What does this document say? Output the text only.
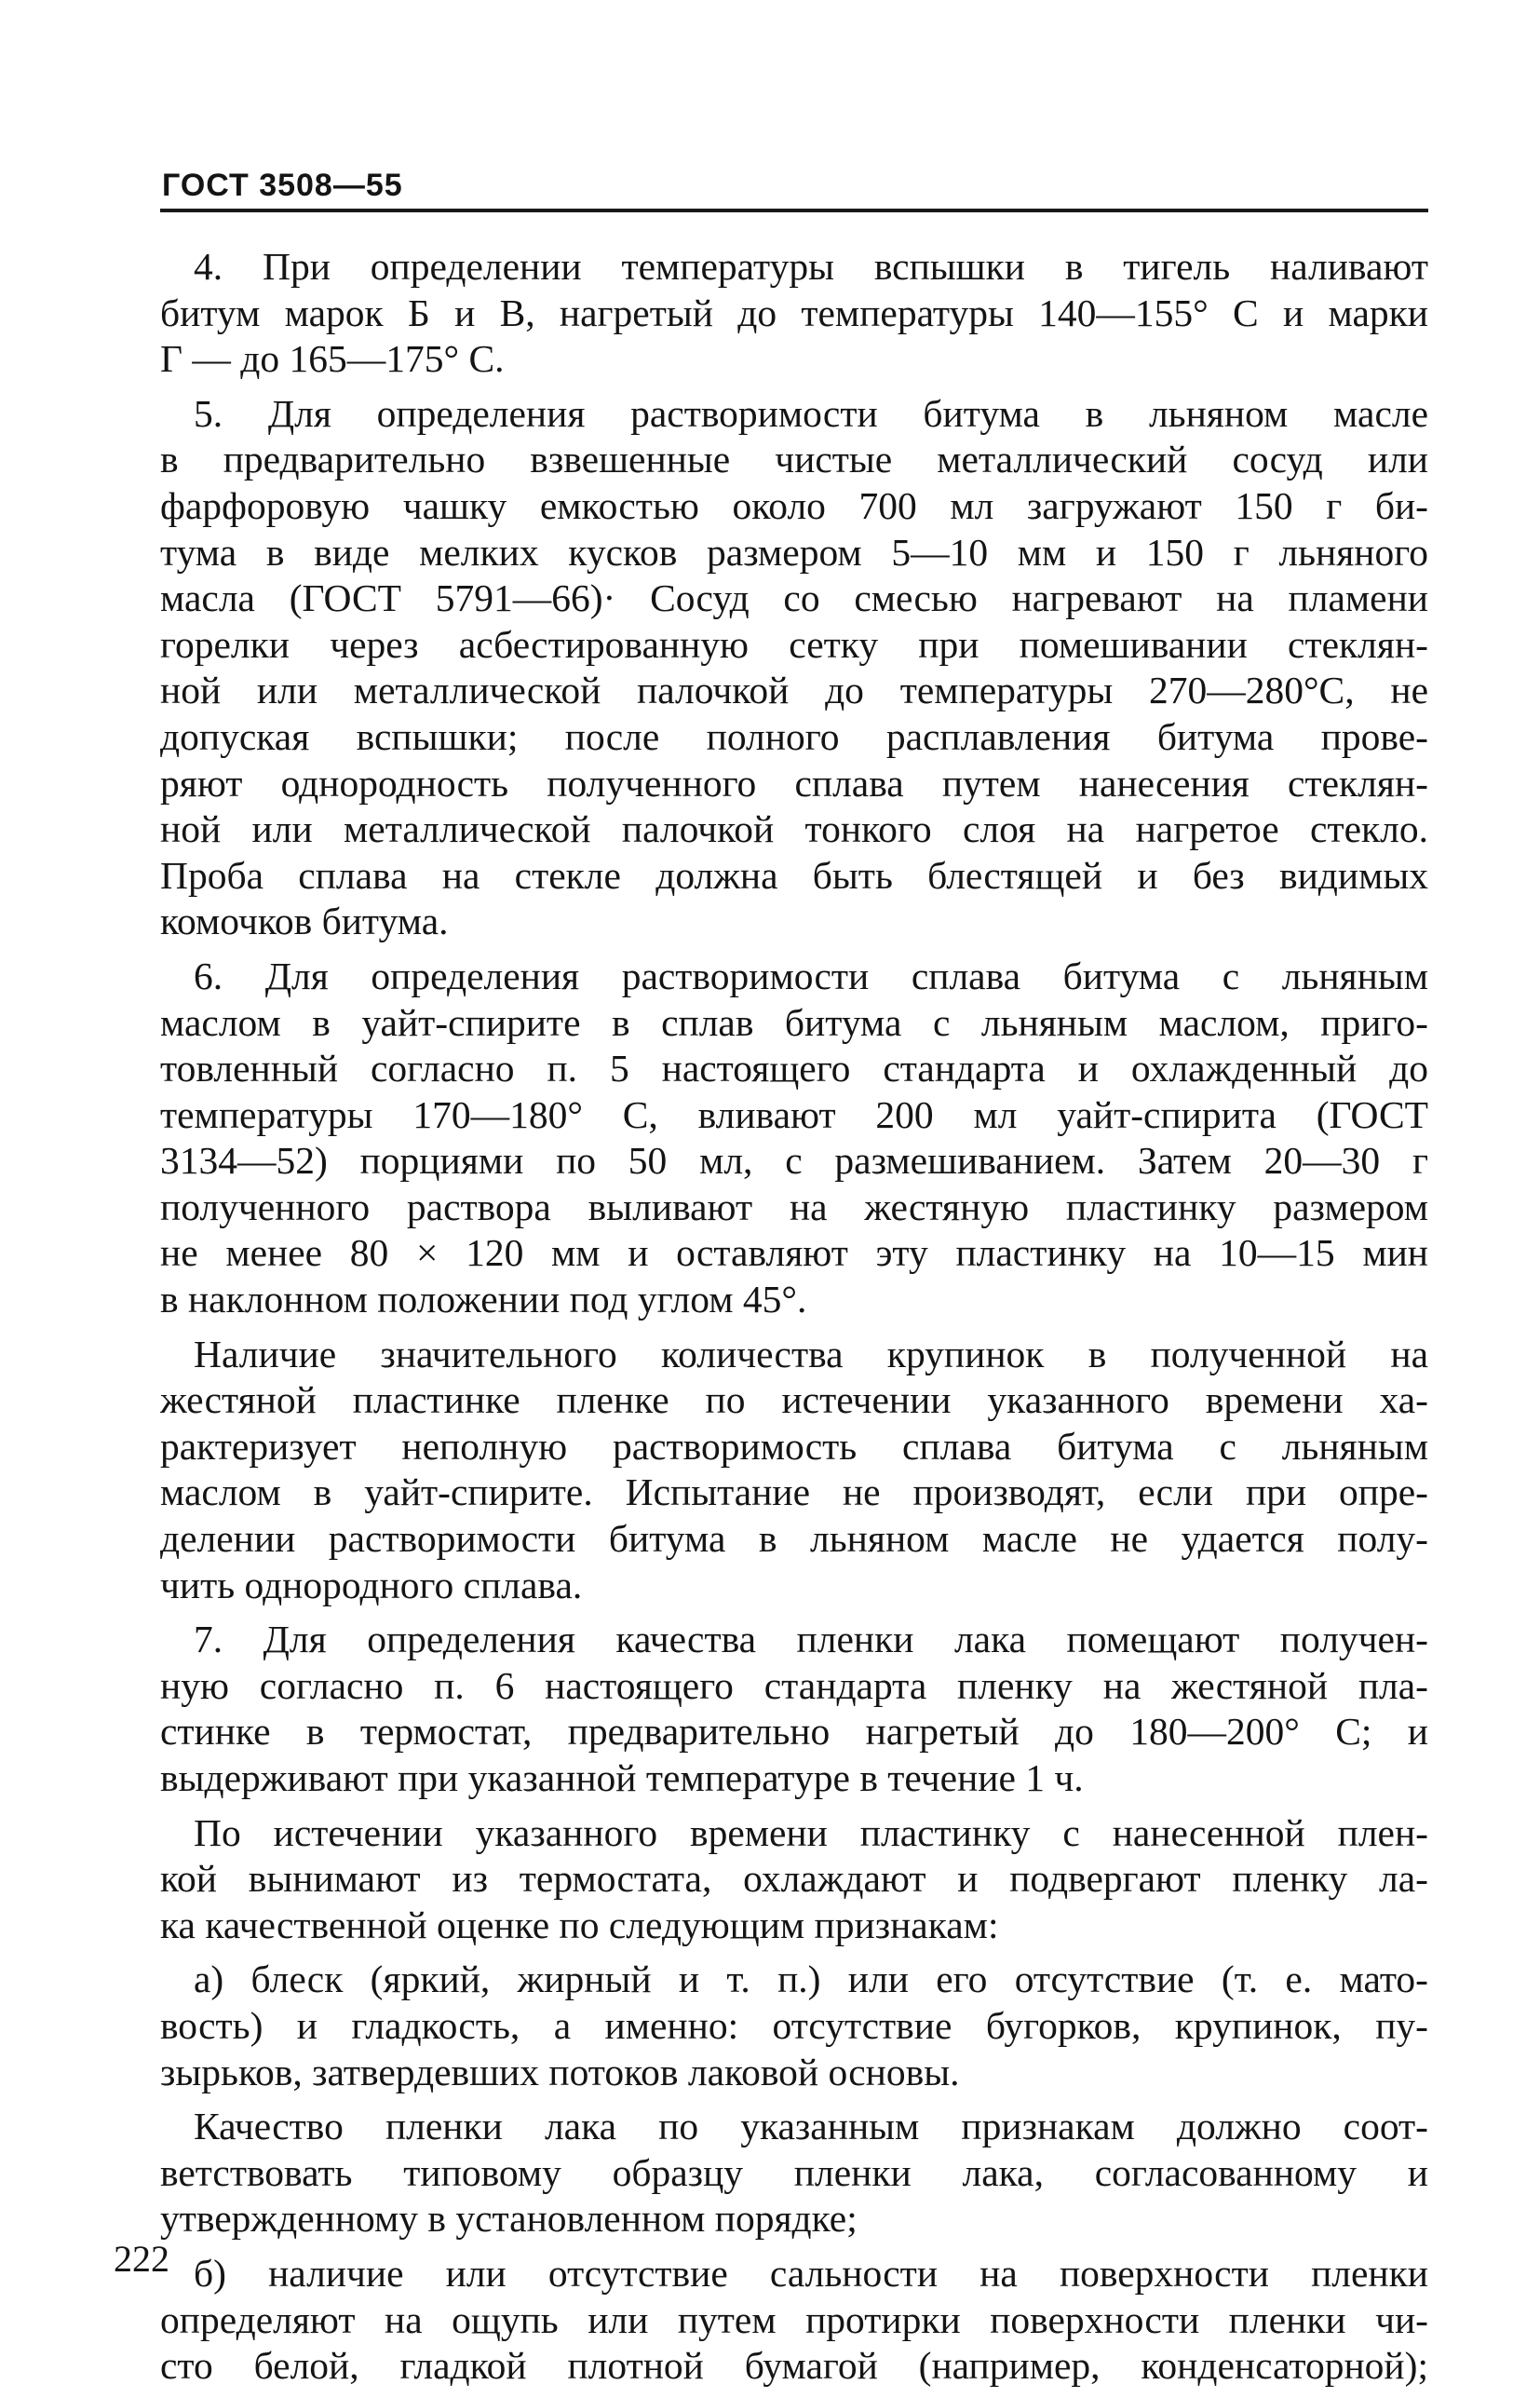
ГОСТ 3508—55
4. При определении температуры вспышки в тигель наливают
битум марок Б и В, нагретый до температуры 140—155° С и марки
Г — до 165—175° С.
5. Для определения растворимости битума в льняном масле
в предварительно взвешенные чистые металлический сосуд или
фарфоровую чашку емкостью около 700 мл загружают 150 г би-
тума в виде мелких кусков размером 5—10 мм и 150 г льняного
масла (ГОСТ 5791—66)· Сосуд со смесью нагревают на пламени
горелки через асбестированную сетку при помешивании стеклян-
ной или металлической палочкой до температуры 270—280°С, не
допуская вспышки; после полного расплавления битума прове-
ряют однородность полученного сплава путем нанесения стеклян-
ной или металлической палочкой тонкого слоя на нагретое стекло.
Проба сплава на стекле должна быть блестящей и без видимых
комочков битума.
6. Для определения растворимости сплава битума с льняным
маслом в уайт-спирите в сплав битума с льняным маслом, приго-
товленный согласно п. 5 настоящего стандарта и охлажденный до
температуры 170—180° С, вливают 200 мл уайт-спирита (ГОСТ
3134—52) порциями по 50 мл, с размешиванием. Затем 20—30 г
полученного раствора выливают на жестяную пластинку размером
не менее 80 × 120 мм и оставляют эту пластинку на 10—15 мин
в наклонном положении под углом 45°.
Наличие значительного количества крупинок в полученной на
жестяной пластинке пленке по истечении указанного времени ха-
рактеризует неполную растворимость сплава битума с льняным
маслом в уайт-спирите. Испытание не производят, если при опре-
делении растворимости битума в льняном масле не удается полу-
чить однородного сплава.
7. Для определения качества пленки лака помещают получен-
ную согласно п. 6 настоящего стандарта пленку на жестяной пла-
стинке в термостат, предварительно нагретый до 180—200° С; и
выдерживают при указанной температуре в течение 1 ч.
По истечении указанного времени пластинку с нанесенной плен-
кой вынимают из термостата, охлаждают и подвергают пленку ла-
ка качественной оценке по следующим признакам:
а) блеск (яркий, жирный и т. п.) или его отсутствие (т. е. мато-
вость) и гладкость, а именно: отсутствие бугорков, крупинок, пу-
зырьков, затвердевших потоков лаковой основы.
Качество пленки лака по указанным признакам должно соот-
ветствовать типовому образцу пленки лака, согласованному и
утвержденному в установленном порядке;
б) наличие или отсутствие сальности на поверхности пленки
определяют на ощупь или путем протирки поверхности пленки чи-
сто белой, гладкой плотной бумагой (например, конденсаторной);
222
